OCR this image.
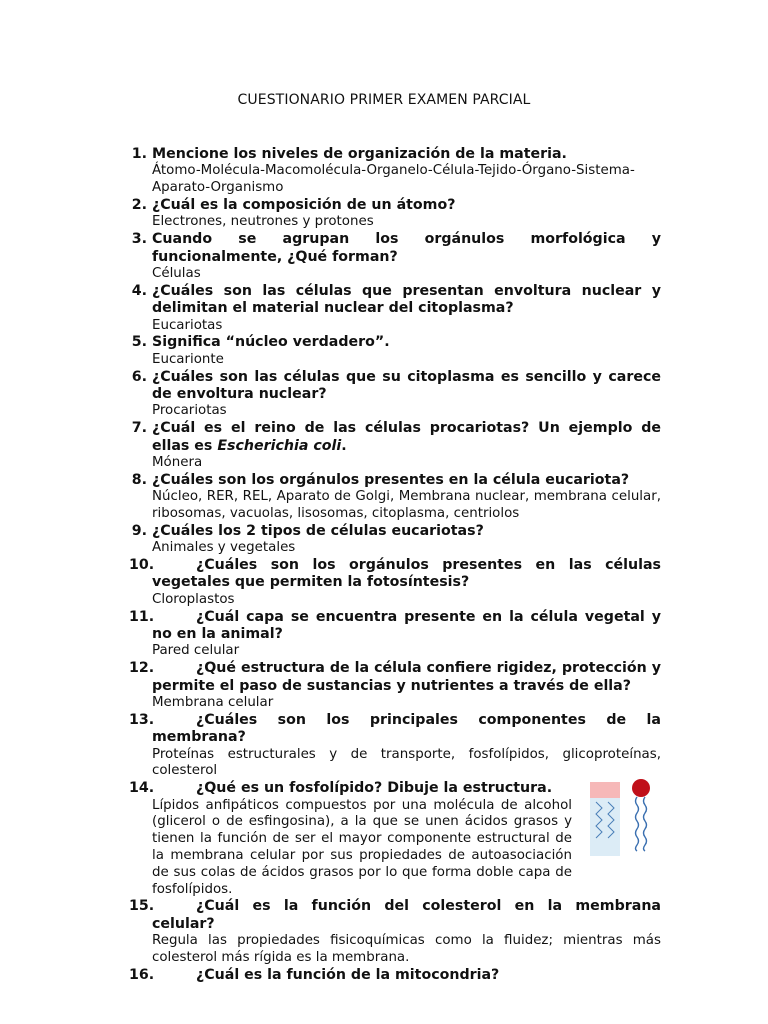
CUESTIONARIO PRIMER EXAMEN PARCIAL
1. Mencione los niveles de organización de la materia.
Átomo-Molécula-Macomolécula-Organelo-Célula-Tejido-Órgano-Sistema-Aparato-Organismo
2. ¿Cuál es la composición de un átomo?
Electrones, neutrones y protones
3. Cuando se agrupan los orgánulos morfológica y funcionalmente, ¿Qué forman?
Células
4. ¿Cuáles son las células que presentan envoltura nuclear y delimitan el material nuclear del citoplasma?
Eucariotas
5. Significa “núcleo verdadero”.
Eucarionte
6. ¿Cuáles son las células que su citoplasma es sencillo y carece de envoltura nuclear?
Procariotas
7. ¿Cuál es el reino de las células procariotas? Un ejemplo de ellas es Escherichia coli.
Mónera
8. ¿Cuáles son los orgánulos presentes en la célula eucariota?
Núcleo, RER, REL, Aparato de Golgi, Membrana nuclear, membrana celular, ribosomas, vacuolas, lisosomas, citoplasma, centriolos
9. ¿Cuáles los 2 tipos de células eucariotas?
Animales y vegetales
10.	¿Cuáles son los orgánulos presentes en las células vegetales que permiten la fotosíntesis?
Cloroplastos
11.	¿Cuál capa se encuentra presente en la célula vegetal y no en la animal?
Pared celular
12.	¿Qué estructura de la célula confiere rigidez, protección y permite el paso de sustancias y nutrientes a través de ella?
Membrana celular
13.	¿Cuáles son los principales componentes de la membrana?
Proteínas estructurales y de transporte, fosfolípidos, glicoproteínas, colesterol
14.	¿Qué es un fosfolípido? Dibuje la estructura.
Lípidos anfipáticos compuestos por una molécula de alcohol (glicerol o de esfingosina), a la que se unen ácidos grasos y tienen la función de ser el mayor componente estructural de la membrana celular por sus propiedades de autoasociación de sus colas de ácidos grasos por lo que forma doble capa de fosfolípidos.
15.	¿Cuál es la función del colesterol en la membrana celular?
Regula las propiedades fisicoquímicas como la fluidez; mientras más colesterol más rígida es la membrana.
16.	¿Cuál es la función de la mitocondria?
